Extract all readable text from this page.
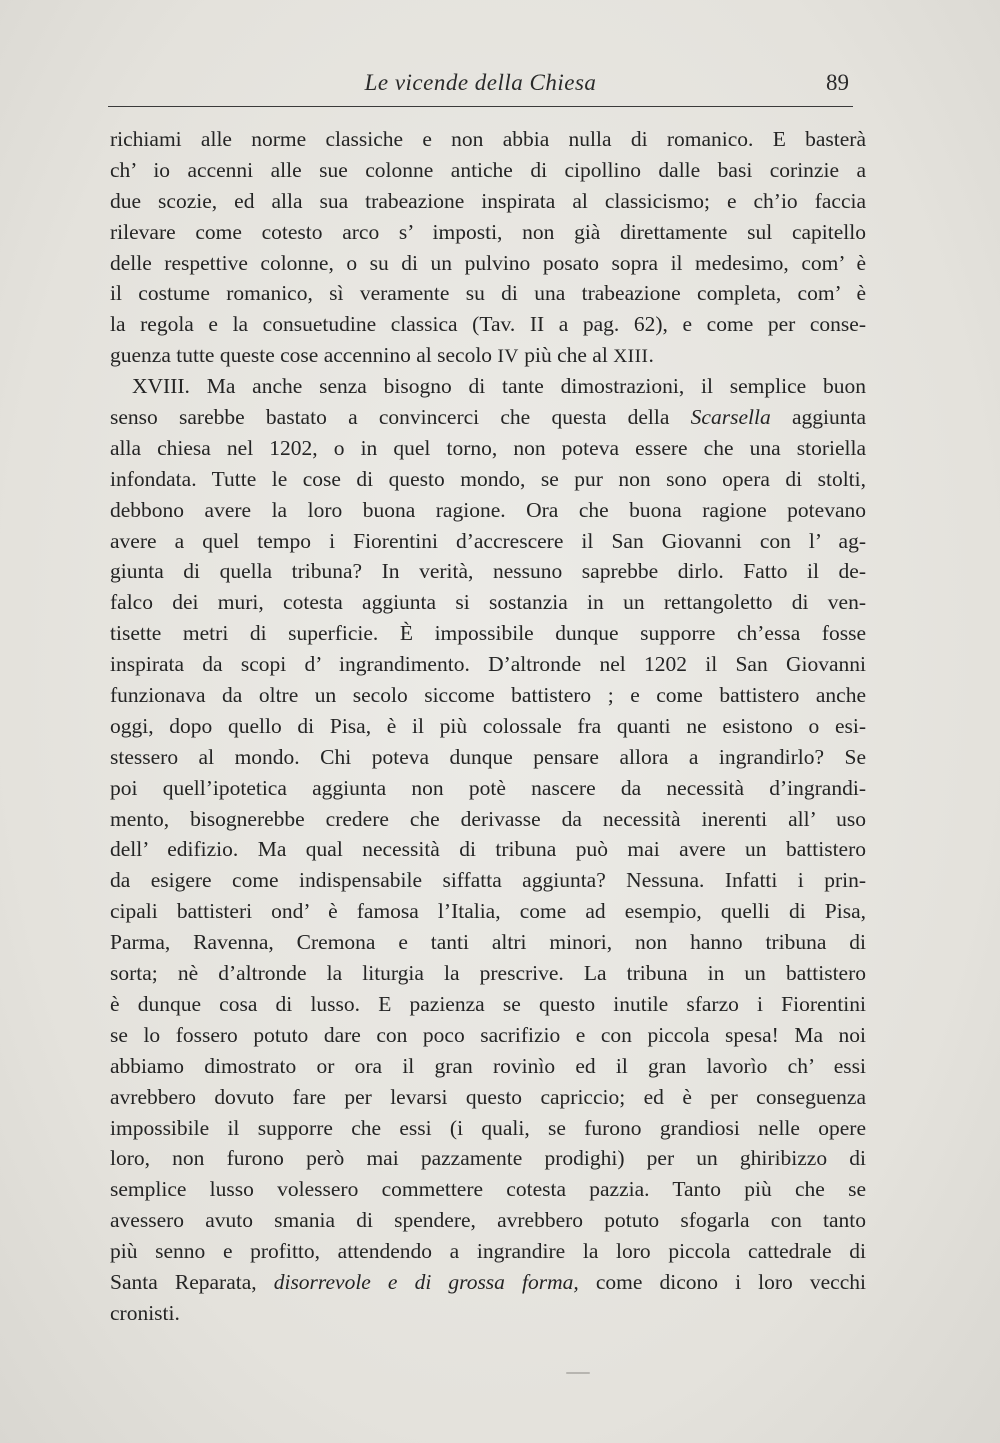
Le vicende della Chiesa	89
richiami alle norme classiche e non abbia nulla di romanico. E basterà
ch’ io accenni alle sue colonne antiche di cipollino dalle basi corinzie a
due scozie, ed alla sua trabeazione inspirata al classicismo; e ch’io faccia
rilevare come cotesto arco s’ imposti, non già direttamente sul capitello
delle respettive colonne, o su di un pulvino posato sopra il medesimo, com’ è
il costume romanico, sì veramente su di una trabeazione completa, com’ è
la regola e la consuetudine classica (Tav. II a pag. 62), e come per conse-
guenza tutte queste cose accennino al secolo IV più che al XIII.
XVIII. Ma anche senza bisogno di tante dimostrazioni, il semplice buon
senso sarebbe bastato a convincerci che questa della Scarsella aggiunta
alla chiesa nel 1202, o in quel torno, non poteva essere che una storiella
infondata. Tutte le cose di questo mondo, se pur non sono opera di stolti,
debbono avere la loro buona ragione. Ora che buona ragione potevano
avere a quel tempo i Fiorentini d’accrescere il San Giovanni con l’ ag-
giunta di quella tribuna? In verità, nessuno saprebbe dirlo. Fatto il de-
falco dei muri, cotesta aggiunta si sostanzia in un rettangoletto di ven-
tisette metri di superficie. È impossibile dunque supporre ch’essa fosse
inspirata da scopi d’ ingrandimento. D’altronde nel 1202 il San Giovanni
funzionava da oltre un secolo siccome battistero ; e come battistero anche
oggi, dopo quello di Pisa, è il più colossale fra quanti ne esistono o esi-
stessero al mondo. Chi poteva dunque pensare allora a ingrandirlo? Se
poi quell’ipotetica aggiunta non potè nascere da necessità d’ingrandi-
mento, bisognerebbe credere che derivasse da necessità inerenti all’ uso
dell’ edifizio. Ma qual necessità di tribuna può mai avere un battistero
da esigere come indispensabile siffatta aggiunta? Nessuna. Infatti i prin-
cipali battisteri ond’ è famosa l’Italia, come ad esempio, quelli di Pisa,
Parma, Ravenna, Cremona e tanti altri minori, non hanno tribuna di
sorta; nè d’altronde la liturgia la prescrive. La tribuna in un battistero
è dunque cosa di lusso. E pazienza se questo inutile sfarzo i Fiorentini
se lo fossero potuto dare con poco sacrifizio e con piccola spesa! Ma noi
abbiamo dimostrato or ora il gran rovinìo ed il gran lavorìo ch’ essi
avrebbero dovuto fare per levarsi questo capriccio; ed è per conseguenza
impossibile il supporre che essi (i quali, se furono grandiosi nelle opere
loro, non furono però mai pazzamente prodighi) per un ghiribizzo di
semplice lusso volessero commettere cotesta pazzia. Tanto più che se
avessero avuto smania di spendere, avrebbero potuto sfogarla con tanto
più senno e profitto, attendendo a ingrandire la loro piccola cattedrale di
Santa Reparata, disorrevole e di grossa forma, come dicono i loro vecchi
cronisti.
